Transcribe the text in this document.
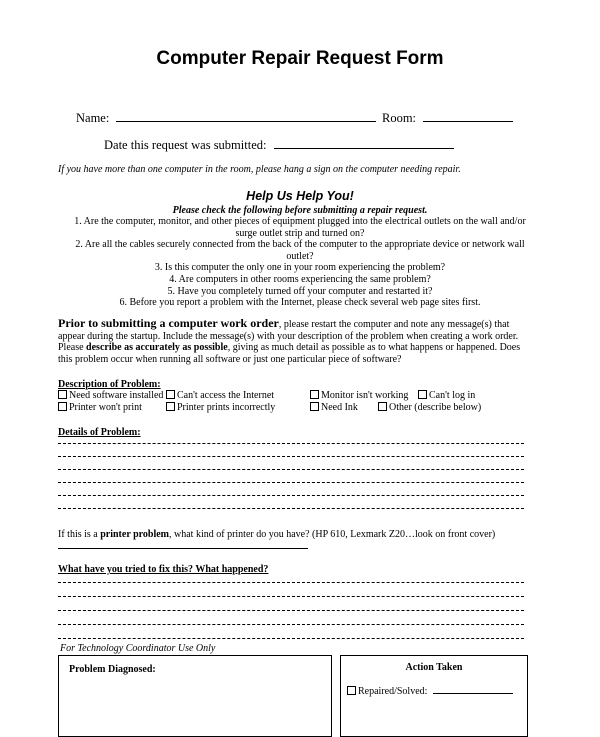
Computer Repair Request Form
Name:	Room:
Date this request was submitted:
If you have more than one computer in the room, please hang a sign on the computer needing repair.
Help Us Help You!
Please check the following before submitting a repair request.
1. Are the computer, monitor, and other pieces of equipment plugged into the electrical outlets on the wall and/or
surge outlet strip and turned on?
2. Are all the cables securely connected from the back of the computer to the appropriate device or network wall
outlet?
3. Is this computer the only one in your room experiencing the problem?
4. Are computers in other rooms experiencing the same problem?
5. Have you completely turned off your computer and restarted it?
6. Before you report a problem with the Internet, please check several web page sites first.

Prior to submitting a computer work order, please restart the computer and note any message(s) that

appear during the startup. Include the message(s) with your description of the problem when creating a work order.

Please describe as accurately as possible, giving as much detail as possible as to what happens or happened. Does

this problem occur when running all software or just one particular piece of software?

Description of Problem:
Need software installed	Can't access the Internet	Monitor isn't working	Can't log in
Printer won't print	Printer prints incorrectly	Need Ink	Other (describe below)
Details of Problem:
If this is a printer problem, what kind of printer do you have? (HP 610, Lexmark Z20…look on front cover)
What have you tried to fix this? What happened?
For Technology Coordinator Use Only
Problem Diagnosed:	Action Taken
Repaired/Solved:
